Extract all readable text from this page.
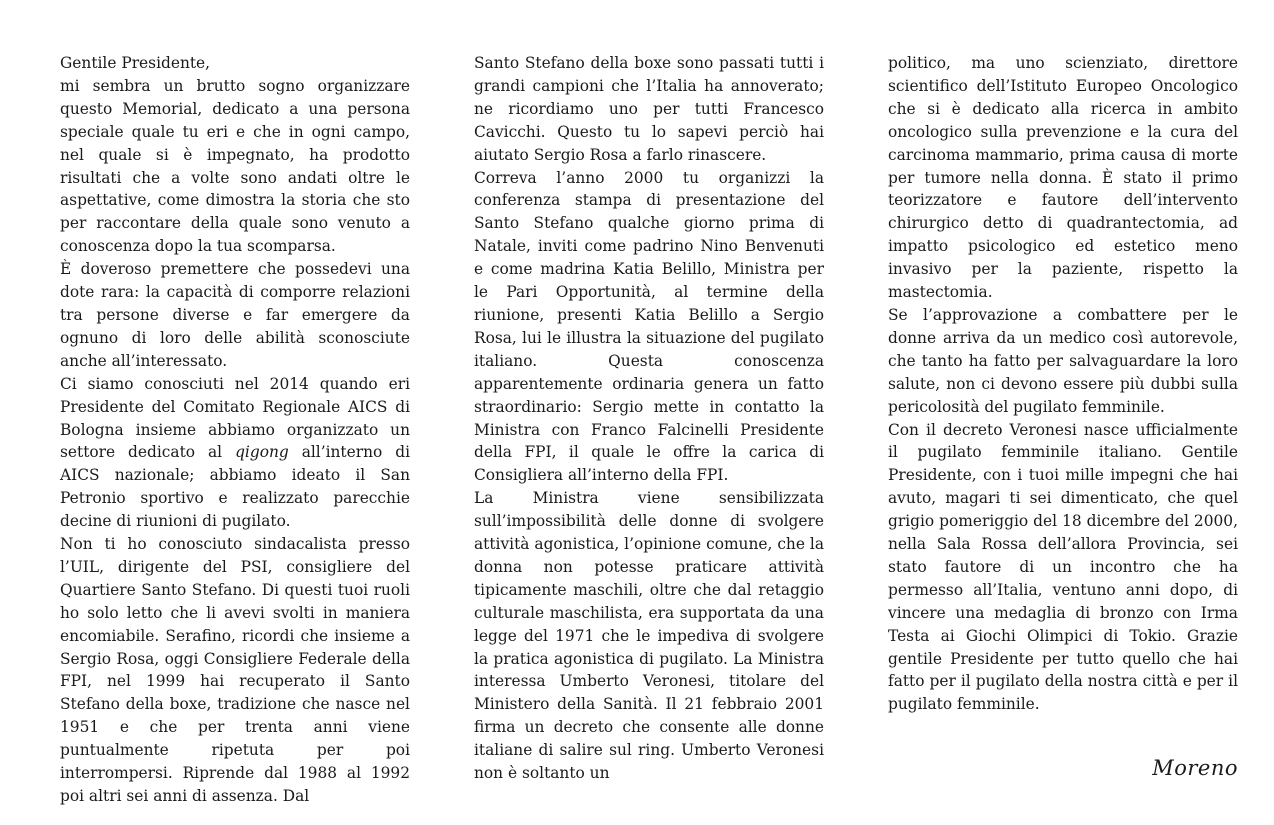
Gentile Presidente,

mi sembra un brutto sogno organizzare questo Memorial, dedicato a una persona speciale quale tu eri e che in ogni campo, nel quale si è impegnato, ha prodotto risultati che a volte sono andati oltre le aspettative, come dimostra la storia che sto per raccontare della quale sono venuto a conoscenza dopo la tua scomparsa.

È doveroso premettere che possedevi una dote rara: la capacità di comporre relazioni tra persone diverse e far emergere da ognuno di loro delle abilità sconosciute anche all’interessato.

Ci siamo conosciuti nel 2014 quando eri Presidente del Comitato Regionale AICS di Bologna insieme abbiamo organizzato un settore dedicato al qigong all’interno di AICS nazionale; abbiamo ideato il San Petronio sportivo e realizzato parecchie decine di riunioni di pugilato.

Non ti ho conosciuto sindacalista presso l’UIL, dirigente del PSI, consigliere del Quartiere Santo Stefano. Di questi tuoi ruoli ho solo letto che li avevi svolti in maniera encomiabile. Serafino, ricordi che insieme a Sergio Rosa, oggi Consigliere Federale della FPI, nel 1999 hai recuperato il Santo Stefano della boxe, tradizione che nasce nel 1951 e che per trenta anni viene puntualmente ripetuta per poi interrompersi. Riprende dal 1988 al 1992 poi altri sei anni di assenza. Dal

Santo Stefano della boxe sono passati tutti i grandi campioni che l’Italia ha annoverato; ne ricordiamo uno per tutti Francesco Cavicchi. Questo tu lo sapevi perciò hai aiutato Sergio Rosa a farlo rinascere.

Correva l’anno 2000 tu organizzi la conferenza stampa di presentazione del Santo Stefano qualche giorno prima di Natale, inviti come padrino Nino Benvenuti e come madrina Katia Belillo, Ministra per le Pari Opportunità, al termine della riunione, presenti Katia Belillo a Sergio Rosa, lui le illustra la situazione del pugilato italiano. Questa conoscenza apparentemente ordinaria genera un fatto straordinario: Sergio mette in contatto la Ministra con Franco Falcinelli Presidente della FPI, il quale le offre la carica di Consigliera all’interno della FPI.

La Ministra viene sensibilizzata sull’impossibilità delle donne di svolgere attività agonistica, l’opinione comune, che la donna non potesse praticare attività tipicamente maschili, oltre che dal retaggio culturale maschilista, era supportata da una legge del 1971 che le impediva di svolgere la pratica agonistica di pugilato. La Ministra interessa Umberto Veronesi, titolare del Ministero della Sanità. Il 21 febbraio 2001 firma un decreto che consente alle donne italiane di salire sul ring. Umberto Veronesi non è soltanto un

politico, ma uno scienziato, direttore scientifico dell’Istituto Europeo Oncologico che si è dedicato alla ricerca in ambito oncologico sulla prevenzione e la cura del carcinoma mammario, prima causa di morte per tumore nella donna. È stato il primo teorizzatore e fautore dell’intervento chirurgico detto di quadrantectomia, ad impatto psicologico ed estetico meno invasivo per la paziente, rispetto la mastectomia.

Se l’approvazione a combattere per le donne arriva da un medico così autorevole, che tanto ha fatto per salvaguardare la loro salute, non ci devono essere più dubbi sulla pericolosità del pugilato femminile.

Con il decreto Veronesi nasce ufficialmente il pugilato femminile italiano. Gentile Presidente, con i tuoi mille impegni che hai avuto, magari ti sei dimenticato, che quel grigio pomeriggio del 18 dicembre del 2000, nella Sala Rossa dell’allora Provincia, sei stato fautore di un incontro che ha permesso all’Italia, ventuno anni dopo, di vincere una medaglia di bronzo con Irma Testa ai Giochi Olimpici di Tokio. Grazie gentile Presidente per tutto quello che hai fatto per il pugilato della nostra città e per il pugilato femminile.

Moreno
